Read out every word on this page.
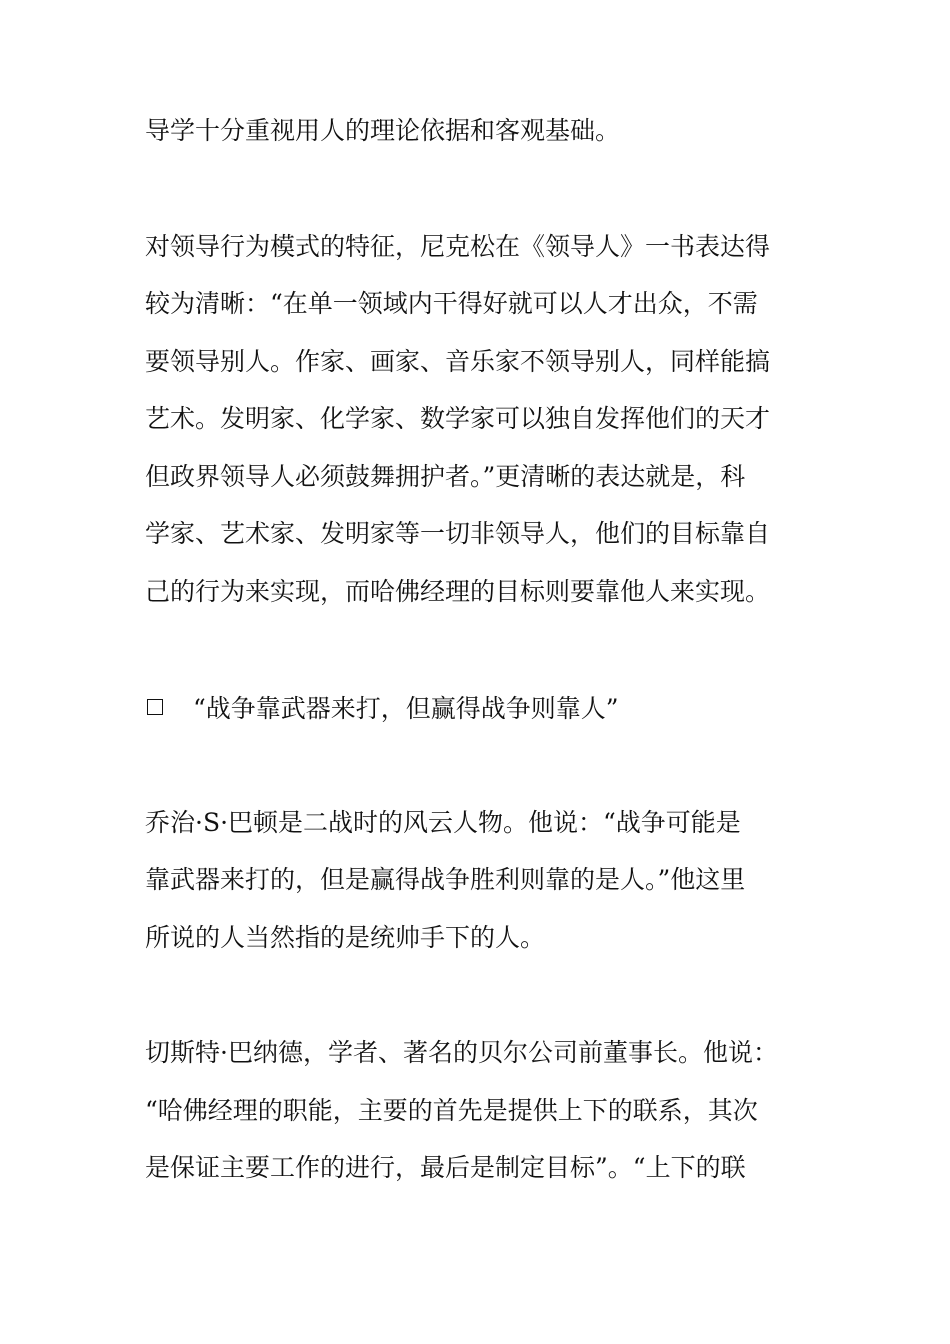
导学十分重视用人的理论依据和客观基础。

对领导行为模式的特征，尼克松在《领导人》一书表达得
较为清晰：“在单一领域内干得好就可以人才出众，不需
要领导别人。作家、画家、音乐家不领导别人，同样能搞
艺术。发明家、化学家、数学家可以独自发挥他们的天才
但政界领导人必须鼓舞拥护者。”更清晰的表达就是，科
学家、艺术家、发明家等一切非领导人，他们的目标靠自
己的行为来实现，而哈佛经理的目标则要靠他人来实现。

“战争靠武器来打，但赢得战争则靠人”

乔治·S·巴顿是二战时的风云人物。他说：“战争可能是
靠武器来打的，但是赢得战争胜利则靠的是人。”他这里
所说的人当然指的是统帅手下的人。

切斯特·巴纳德，学者、著名的贝尔公司前董事长。他说：
“哈佛经理的职能，主要的首先是提供上下的联系，其次
是保证主要工作的进行，最后是制定目标”。“上下的联
